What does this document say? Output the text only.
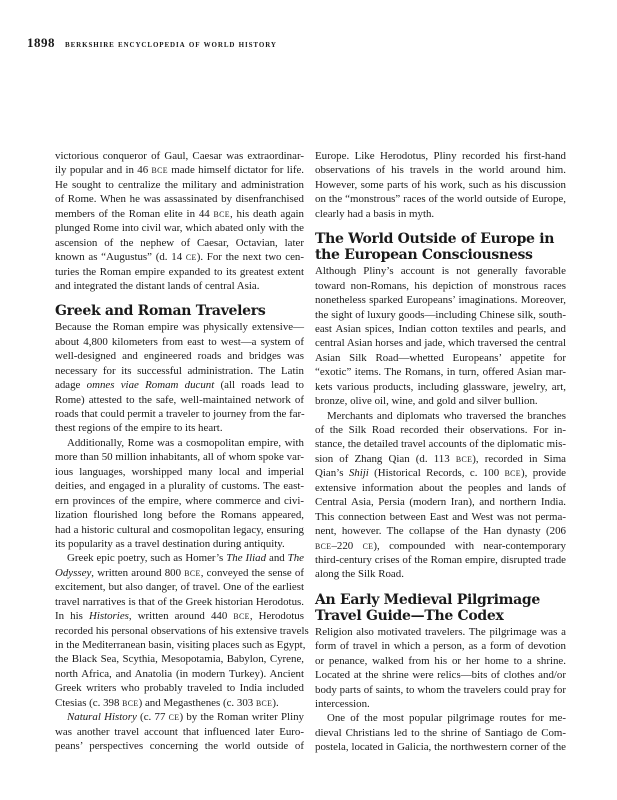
1898 berkshire encyclopedia of world history
victorious conqueror of Gaul, Caesar was extraordinar-
ily popular and in 46 BCE made himself dictator for life.
He sought to centralize the military and administration
of Rome. When he was assassinated by disenfranchised
members of the Roman elite in 44 BCE, his death again
plunged Rome into civil war, which abated only with the
ascension of the nephew of Caesar, Octavian, later
known as “Augustus” (d. 14 CE). For the next two cen-
turies the Roman empire expanded to its greatest extent
and integrated the distant lands of central Asia.
Greek and Roman Travelers
Because the Roman empire was physically extensive—
about 4,800 kilometers from east to west—a system of
well-designed and engineered roads and bridges was
necessary for its successful administration. The Latin
adage omnes viae Romam ducunt (all roads lead to
Rome) attested to the safe, well-maintained network of
roads that could permit a traveler to journey from the far-
thest regions of the empire to its heart.
Additionally, Rome was a cosmopolitan empire, with
more than 50 million inhabitants, all of whom spoke var-
ious languages, worshipped many local and imperial
deities, and engaged in a plurality of customs. The east-
ern provinces of the empire, where commerce and civi-
lization flourished long before the Romans appeared,
had a historic cultural and cosmopolitan legacy, ensuring
its popularity as a travel destination during antiquity.
Greek epic poetry, such as Homer’s The Iliad and The
Odyssey, written around 800 BCE, conveyed the sense of
excitement, but also danger, of travel. One of the earliest
travel narratives is that of the Greek historian Herodotus.
In his Histories, written around 440 BCE, Herodotus
recorded his personal observations of his extensive travels
in the Mediterranean basin, visiting places such as Egypt,
the Black Sea, Scythia, Mesopotamia, Babylon, Cyrene,
north Africa, and Anatolia (in modern Turkey). Ancient
Greek writers who probably traveled to India included
Ctesias (c. 398 BCE) and Megasthenes (c. 303 BCE).
Natural History (c. 77 CE) by the Roman writer Pliny
was another travel account that influenced later Euro-
peans’ perspectives concerning the world outside of
Europe. Like Herodotus, Pliny recorded his first-hand
observations of his travels in the world around him.
However, some parts of his work, such as his discussion
on the “monstrous” races of the world outside of Europe,
clearly had a basis in myth.
The World Outside of Europe in
the European Consciousness
Although Pliny’s account is not generally favorable
toward non-Romans, his depiction of monstrous races
nonetheless sparked Europeans’ imaginations. Moreover,
the sight of luxury goods—including Chinese silk, south-
east Asian spices, Indian cotton textiles and pearls, and
central Asian horses and jade, which traversed the central
Asian Silk Road—whetted Europeans’ appetite for
“exotic” items. The Romans, in turn, offered Asian mar-
kets various products, including glassware, jewelry, art,
bronze, olive oil, wine, and gold and silver bullion.
Merchants and diplomats who traversed the branches
of the Silk Road recorded their observations. For in-
stance, the detailed travel accounts of the diplomatic mis-
sion of Zhang Qian (d. 113 BCE), recorded in Sima
Qian’s Shiji (Historical Records, c. 100 BCE), provide
extensive information about the peoples and lands of
Central Asia, Persia (modern Iran), and northern India.
This connection between East and West was not perma-
nent, however. The collapse of the Han dynasty (206
BCE–220 CE), compounded with near-contemporary
third-century crises of the Roman empire, disrupted trade
along the Silk Road.
An Early Medieval Pilgrimage
Travel Guide—The Codex
Religion also motivated travelers. The pilgrimage was a
form of travel in which a person, as a form of devotion
or penance, walked from his or her home to a shrine.
Located at the shrine were relics—bits of clothes and/or
body parts of saints, to whom the travelers could pray for
intercession.
One of the most popular pilgrimage routes for me-
dieval Christians led to the shrine of Santiago de Com-
postela, located in Galicia, the northwestern corner of the
